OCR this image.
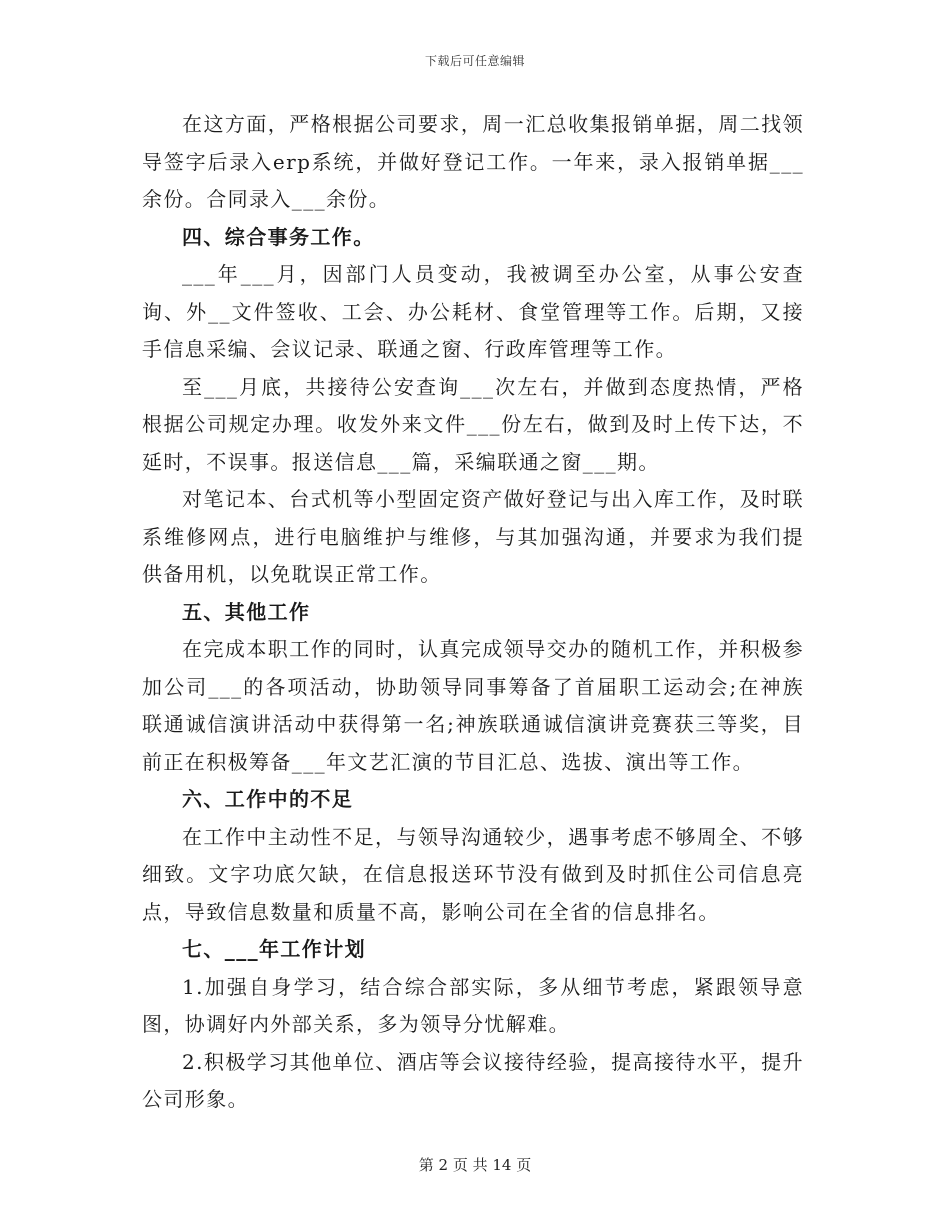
下载后可任意编辑

在这方面，严格根据公司要求，周一汇总收集报销单据，周二找领导签字后录入erp系统，并做好登记工作。一年来，录入报销单据___余份。合同录入___余份。

四、综合事务工作。

___年___月，因部门人员变动，我被调至办公室，从事公安查询、外__文件签收、工会、办公耗材、食堂管理等工作。后期，又接手信息采编、会议记录、联通之窗、行政库管理等工作。

至___月底，共接待公安查询___次左右，并做到态度热情，严格根据公司规定办理。收发外来文件___份左右，做到及时上传下达，不延时，不误事。报送信息___篇，采编联通之窗___期。

对笔记本、台式机等小型固定资产做好登记与出入库工作，及时联系维修网点，进行电脑维护与维修，与其加强沟通，并要求为我们提供备用机，以免耽误正常工作。

五、其他工作

在完成本职工作的同时，认真完成领导交办的随机工作，并积极参加公司___的各项活动，协助领导同事筹备了首届职工运动会;在神族联通诚信演讲活动中获得第一名;神族联通诚信演讲竞赛获三等奖，目前正在积极筹备___年文艺汇演的节目汇总、选拔、演出等工作。

六、工作中的不足

在工作中主动性不足，与领导沟通较少，遇事考虑不够周全、不够细致。文字功底欠缺，在信息报送环节没有做到及时抓住公司信息亮点，导致信息数量和质量不高，影响公司在全省的信息排名。

七、___年工作计划

1.加强自身学习，结合综合部实际，多从细节考虑，紧跟领导意图，协调好内外部关系，多为领导分忧解难。

2.积极学习其他单位、酒店等会议接待经验，提高接待水平，提升公司形象。

第 2 页 共 14 页
